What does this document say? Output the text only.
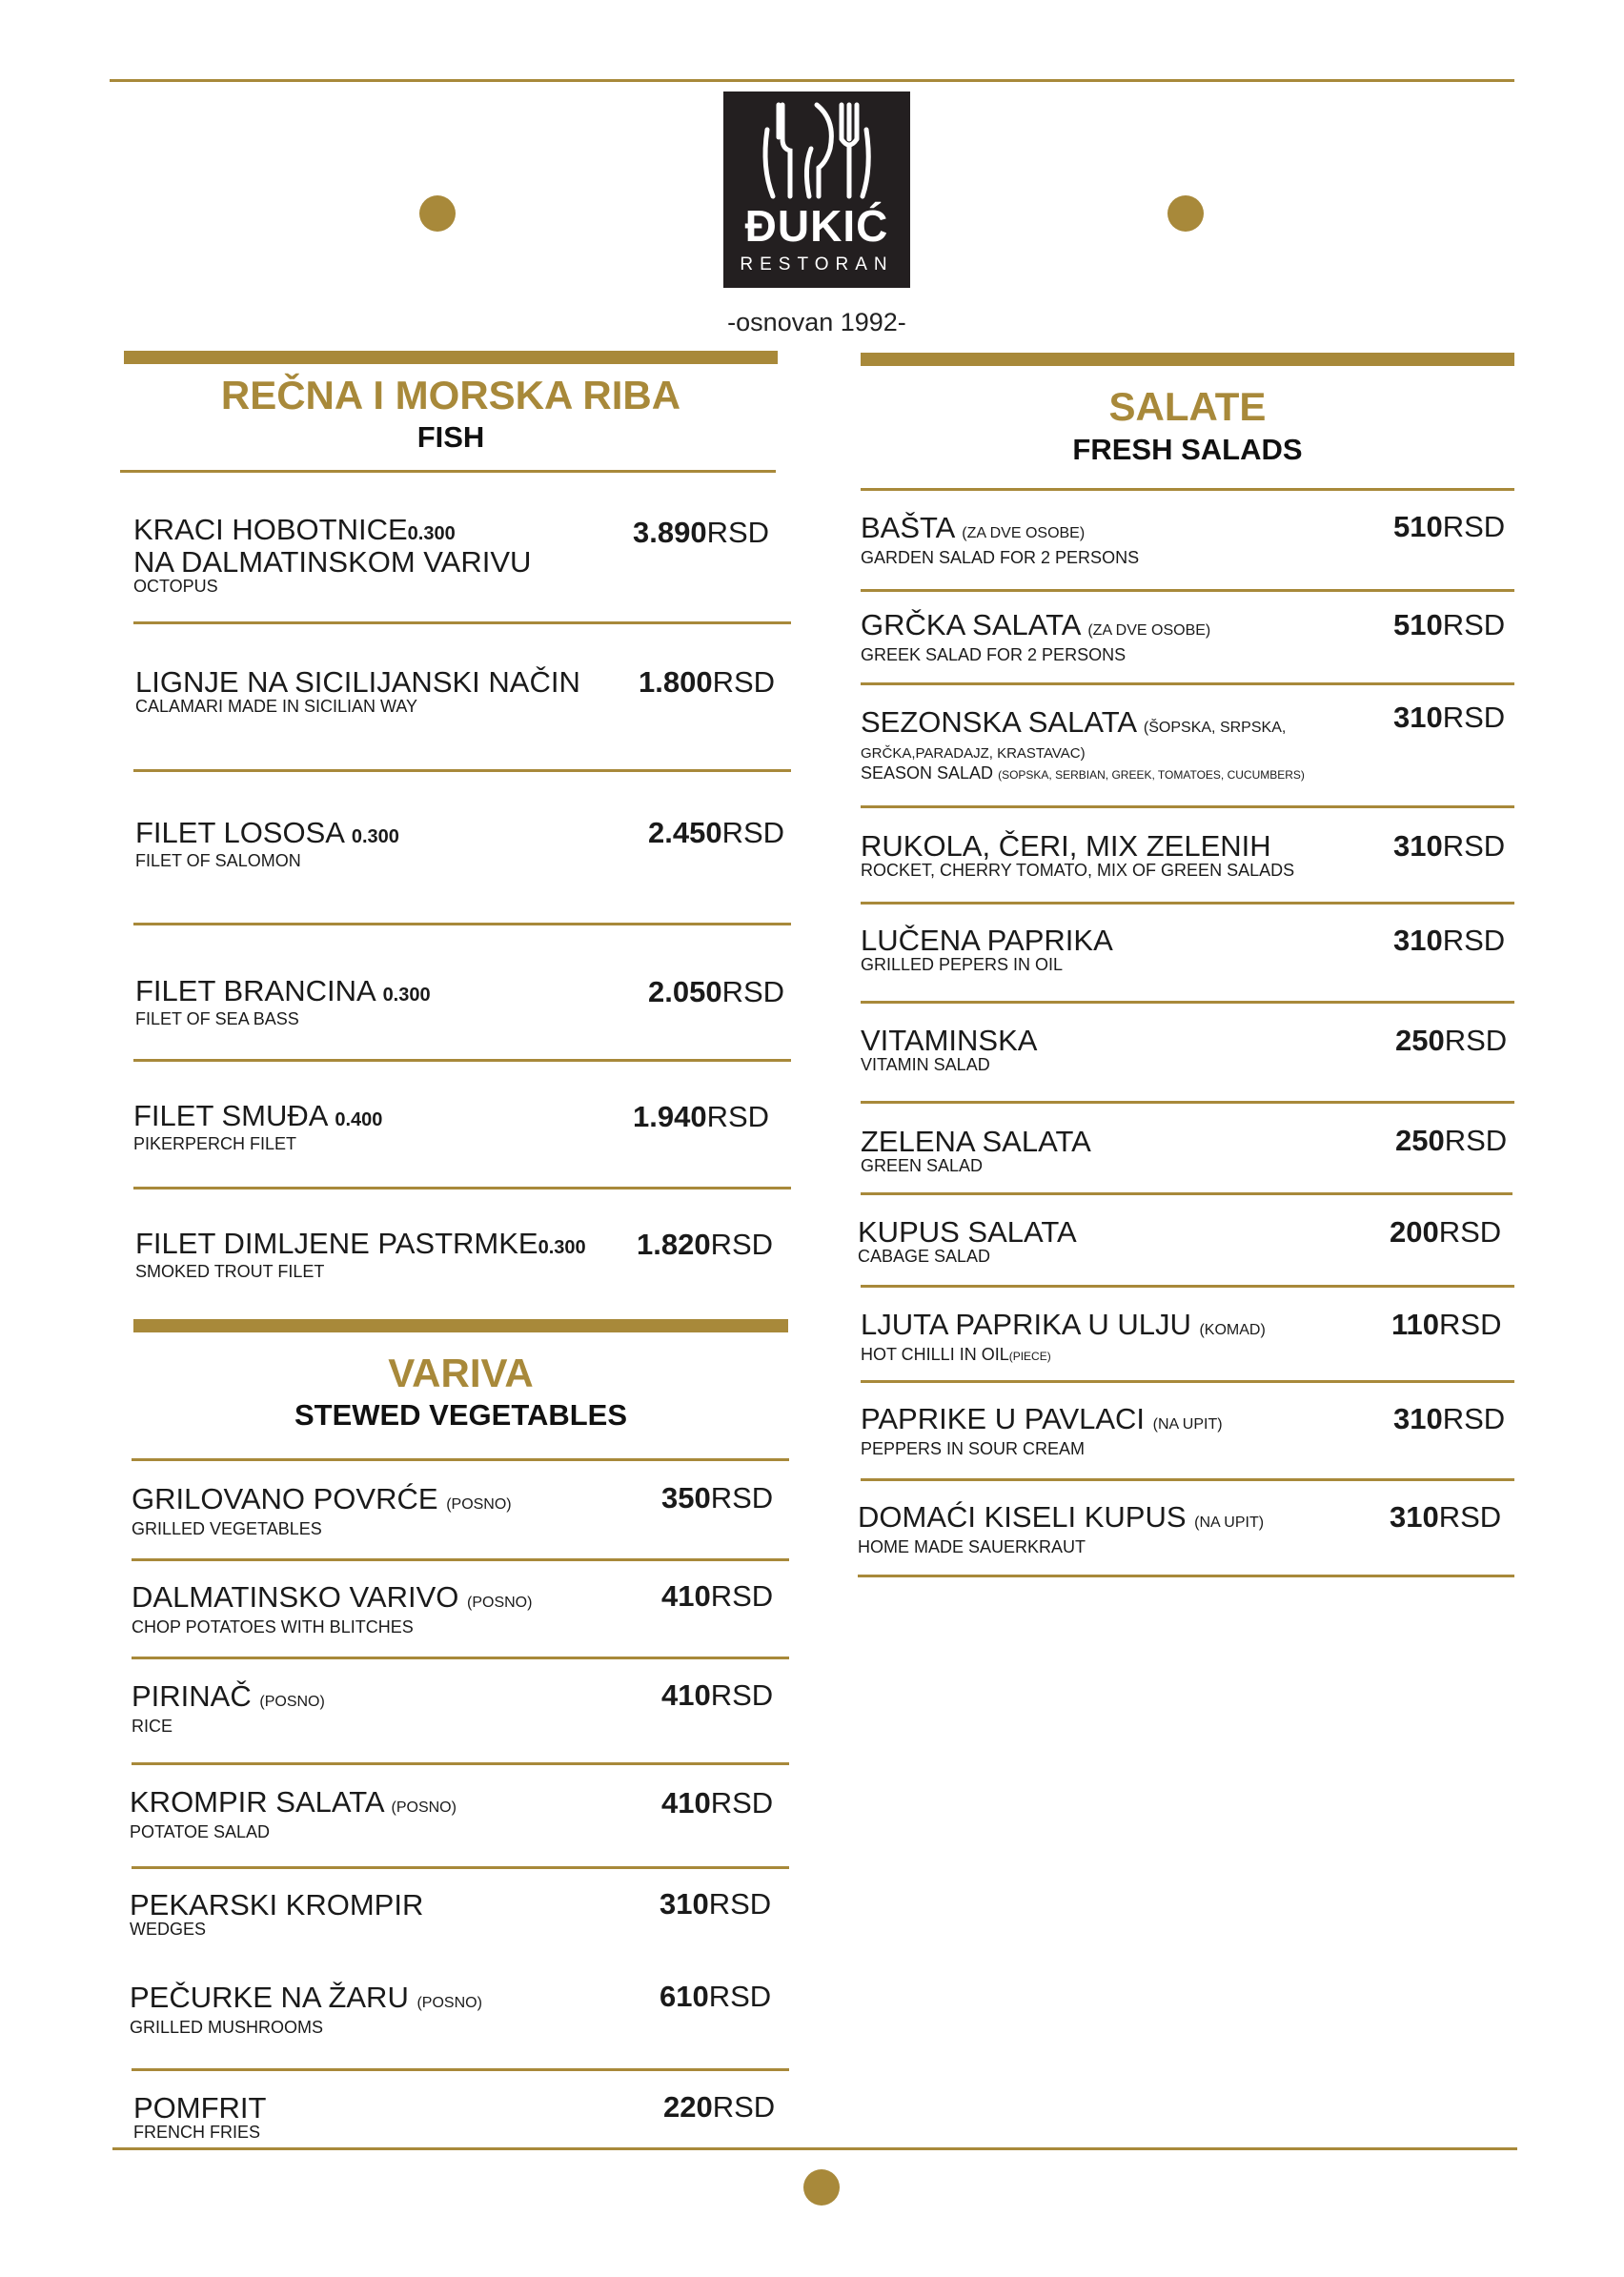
ĐUKIĆ
RESTORAN
-osnovan 1992-
REČNA I MORSKA RIBA
FISH
KRACI HOBOTNICE0.300
NA DALMATINSKOM VARIVU
OCTOPUS
3.890RSD
LIGNJE NA SICILIJANSKI NAČIN
CALAMARI MADE IN SICILIAN WAY
1.800RSD
FILET LOSOSA 0.300
FILET OF SALOMON
2.450RSD
FILET BRANCINA 0.300
FILET OF SEA BASS
2.050RSD
FILET SMUĐA 0.400
PIKERPERCH FILET
1.940RSD
FILET DIMLJENE PASTRMKE0.300
SMOKED TROUT FILET
1.820RSD
VARIVA
STEWED VEGETABLES
GRILOVANO POVRĆE (POSNO)
GRILLED VEGETABLES
350RSD
DALMATINSKO VARIVO (POSNO)
CHOP POTATOES WITH BLITCHES
410RSD
PIRINAČ (POSNO)
RICE
410RSD
KROMPIR SALATA (POSNO)
POTATOE SALAD
410RSD
PEKARSKI KROMPIR
WEDGES
310RSD
PEČURKE NA ŽARU (POSNO)
GRILLED MUSHROOMS
610RSD
POMFRIT
FRENCH FRIES
220RSD
SALATE
FRESH SALADS
BAŠTA (ZA DVE OSOBE)
GARDEN SALAD FOR 2 PERSONS
510RSD
GRČKA SALATA (ZA DVE OSOBE)
GREEK SALAD FOR 2 PERSONS
510RSD
SEZONSKA SALATA (ŠOPSKA, SRPSKA,
GRČKA,PARADAJZ, KRASTAVAC)
SEASON SALAD (SOPSKA, SERBIAN, GREEK, TOMATOES, CUCUMBERS)
310RSD
RUKOLA, ČERI, MIX ZELENIH
ROCKET, CHERRY TOMATO, MIX OF GREEN SALADS
310RSD
LUČENA PAPRIKA
GRILLED PEPERS IN OIL
310RSD
VITAMINSKA
VITAMIN SALAD
250RSD
ZELENA SALATA
GREEN SALAD
250RSD
KUPUS SALATA
CABAGE SALAD
200RSD
LJUTA PAPRIKA U ULJU (KOMAD)
HOT CHILLI IN OIL(PIECE)
110RSD
PAPRIKE U PAVLACI (NA UPIT)
PEPPERS IN SOUR CREAM
310RSD
DOMAĆI KISELI KUPUS (NA UPIT)
HOME MADE SAUERKRAUT
310RSD
